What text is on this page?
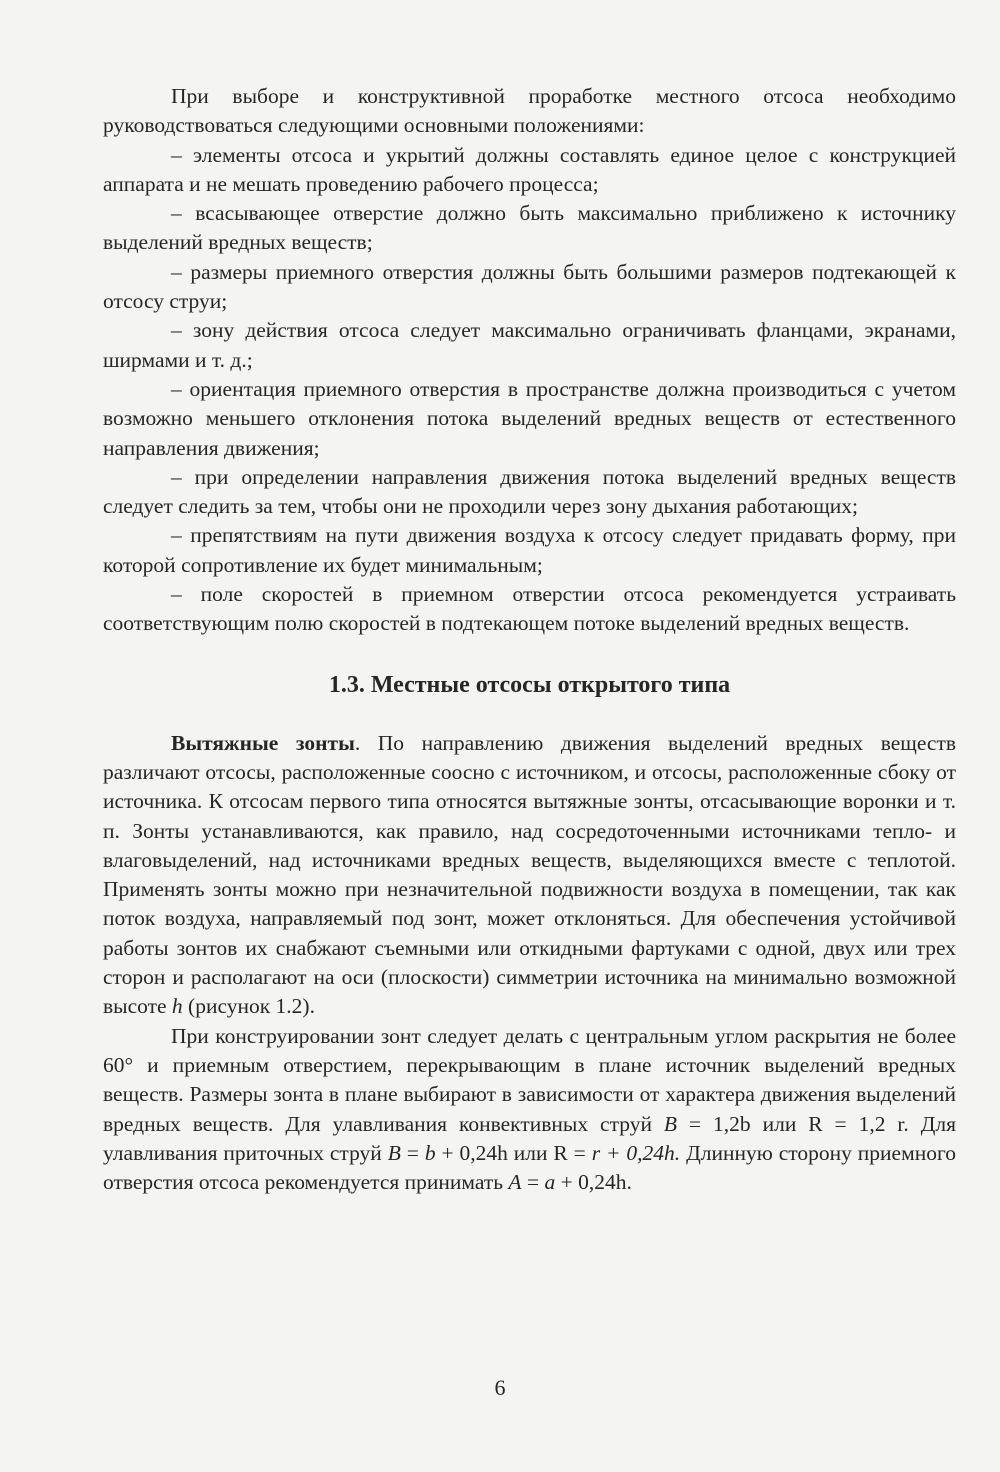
При выборе и конструктивной проработке местного отсоса необходимо руководствоваться следующими основными положениями:

– элементы отсоса и укрытий должны составлять единое целое с конструкцией аппарата и не мешать проведению рабочего процесса;

– всасывающее отверстие должно быть максимально приближено к источнику выделений вредных веществ;

– размеры приемного отверстия должны быть большими размеров подтекающей к отсосу струи;

– зону действия отсоса следует максимально ограничивать фланцами, экранами, ширмами и т. д.;

– ориентация приемного отверстия в пространстве должна производиться с учетом возможно меньшего отклонения потока выделений вредных веществ от естественного направления движения;

– при определении направления движения потока выделений вредных веществ следует следить за тем, чтобы они не проходили через зону дыхания работающих;

– препятствиям на пути движения воздуха к отсосу следует придавать форму, при которой сопротивление их будет минимальным;

– поле скоростей в приемном отверстии отсоса рекомендуется устраивать соответствующим полю скоростей в подтекающем потоке выделений вредных веществ.

1.3. Местные отсосы открытого типа

Вытяжные зонты. По направлению движения выделений вредных веществ различают отсосы, расположенные соосно с источником, и отсосы, расположенные сбоку от источника. К отсосам первого типа относятся вытяжные зонты, отсасывающие воронки и т. п. Зонты устанавливаются, как правило, над сосредоточенными источниками тепло- и влаговыделений, над источниками вредных веществ, выделяющихся вместе с теплотой. Применять зонты можно при незначительной подвижности воздуха в помещении, так как поток воздуха, направляемый под зонт, может отклоняться. Для обеспечения устойчивой работы зонтов их снабжают съемными или откидными фартуками с одной, двух или трех сторон и располагают на оси (плоскости) симметрии источника на минимально возможной высоте h (рисунок 1.2).

При конструировании зонт следует делать с центральным углом раскрытия не более 60° и приемным отверстием, перекрывающим в плане источник выделений вредных веществ. Размеры зонта в плане выбирают в зависимости от характера движения выделений вредных веществ. Для улавливания конвективных струй B = 1,2b или R = 1,2 r. Для улавливания приточных струй B = b + 0,24h или R = r + 0,24h. Длинную сторону приемного отверстия отсоса рекомендуется принимать A = a + 0,24h.

6
